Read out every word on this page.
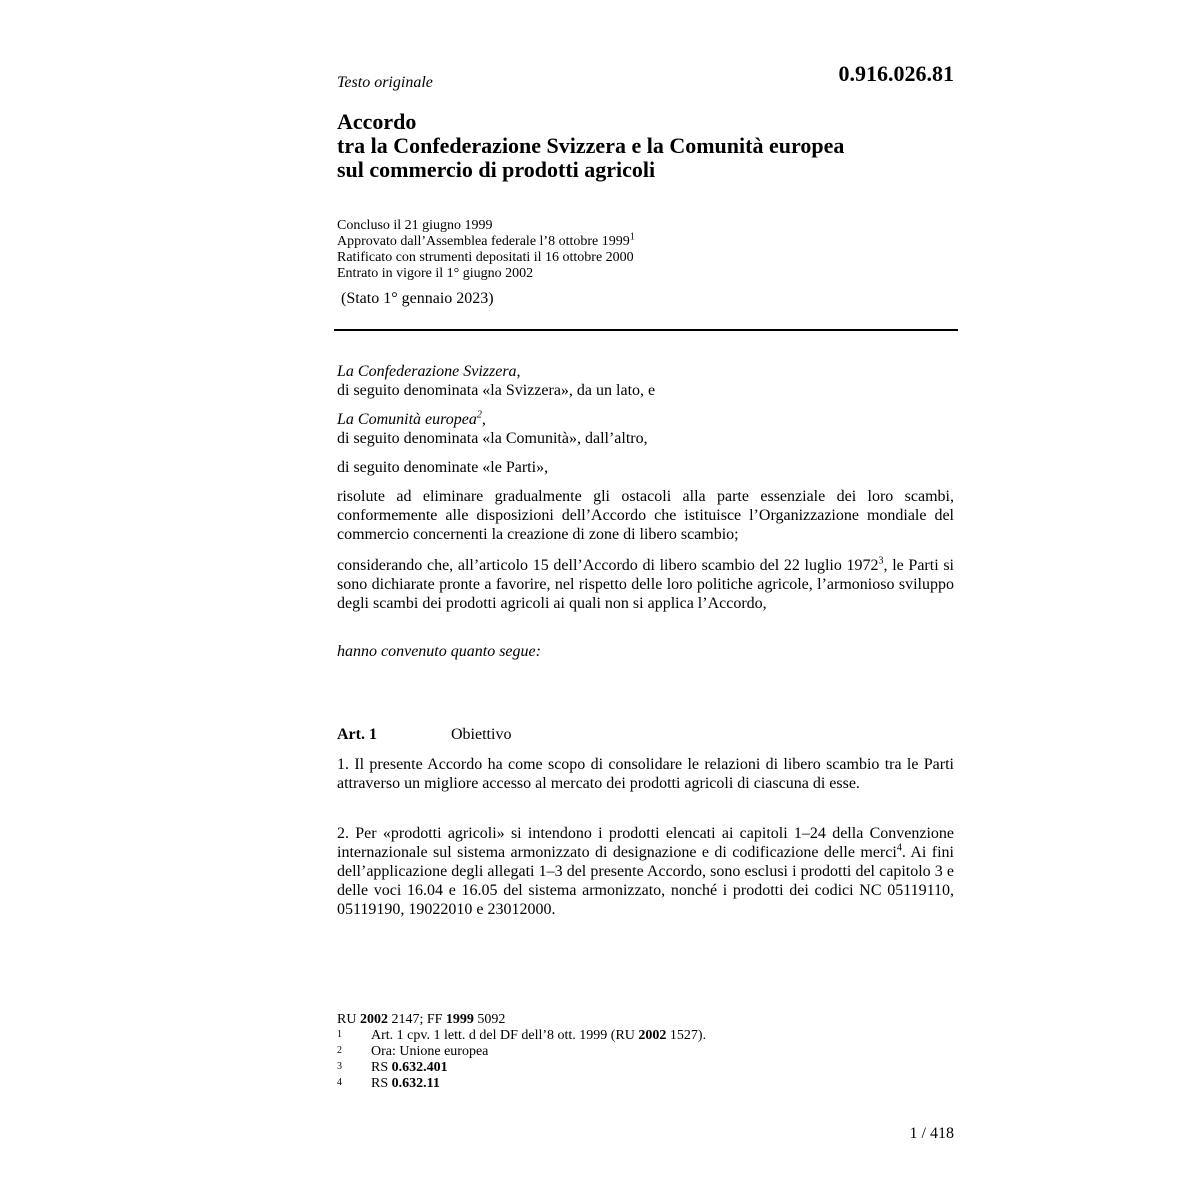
Testo originale	0.916.026.81
Accordo
tra la Confederazione Svizzera e la Comunità europea
sul commercio di prodotti agricoli
Concluso il 21 giugno 1999
Approvato dall’Assemblea federale l’8 ottobre 1999$^1$
Ratificato con strumenti depositati il 16 ottobre 2000
Entrato in vigore il 1° giugno 2002
(Stato 1° gennaio 2023)
La Confederazione Svizzera,
di seguito denominata «la Svizzera», da un lato, e
La Comunità europea$^2$,
di seguito denominata «la Comunità», dall’altro,
di seguito denominate «le Parti»,
risolute ad eliminare gradualmente gli ostacoli alla parte essenziale dei loro scambi, conformemente alle disposizioni dell’Accordo che istituisce l’Organizzazione mondiale del commercio concernenti la creazione di zone di libero scambio;
considerando che, all’articolo 15 dell’Accordo di libero scambio del 22 luglio 1972$^3$, le Parti si sono dichiarate pronte a favorire, nel rispetto delle loro politiche agricole, l’armonioso sviluppo degli scambi dei prodotti agricoli ai quali non si applica l’Accordo,
hanno convenuto quanto segue:
Art. 1	Obiettivo
1. Il presente Accordo ha come scopo di consolidare le relazioni di libero scambio tra le Parti attraverso un migliore accesso al mercato dei prodotti agricoli di ciascuna di esse.
2. Per «prodotti agricoli» si intendono i prodotti elencati ai capitoli 1–24 della Convenzione internazionale sul sistema armonizzato di designazione e di codificazione delle merci$^4$. Ai fini dell’applicazione degli allegati 1–3 del presente Accordo, sono esclusi i prodotti del capitolo 3 e delle voci 16.04 e 16.05 del sistema armonizzato, nonché i prodotti dei codici NC 05119110, 05119190, 19022010 e 23012000.
RU 2002 2147; FF 1999 5092
1 Art. 1 cpv. 1 lett. d del DF dell’8 ott. 1999 (RU 2002 1527).
2 Ora: Unione europea
3 RS 0.632.401
4 RS 0.632.11
1 / 418
